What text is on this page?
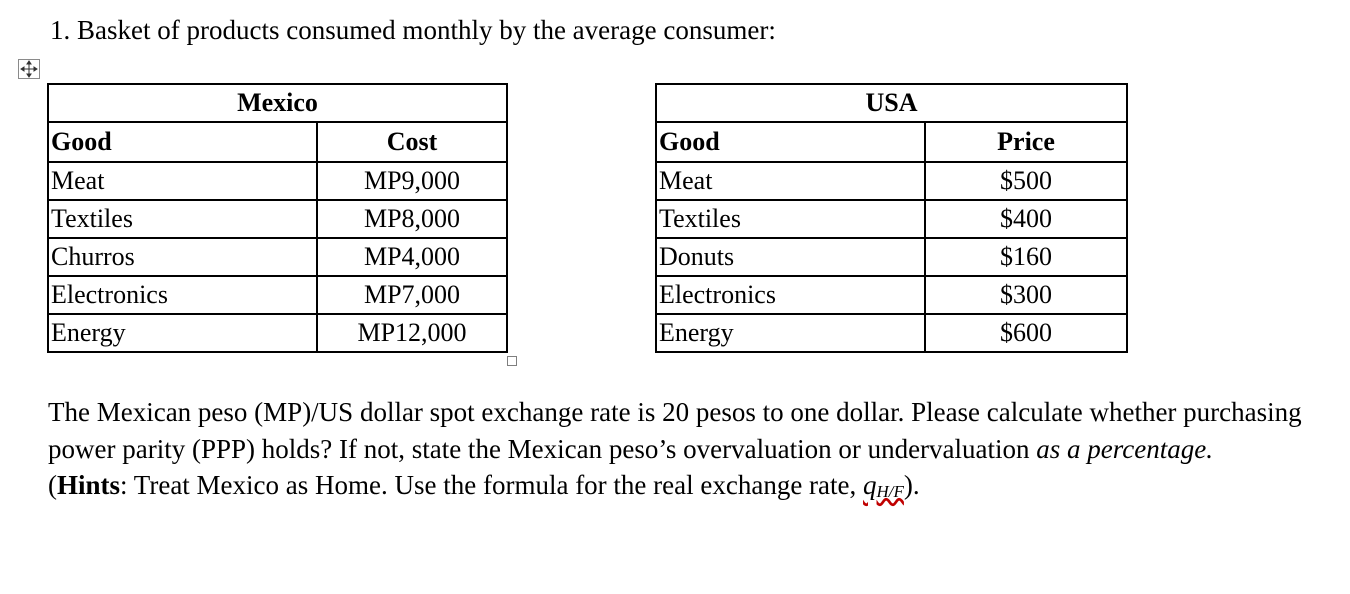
1. Basket of products consumed monthly by the average consumer:
Mexico	
Good	Cost
Meat	MP9,000
Textiles	MP8,000
Churros	MP4,000
Electronics	MP7,000
Energy	MP12,000
USA	
Good	Price
Meat	$500
Textiles	$400
Donuts	$160
Electronics	$300
Energy	$600

The Mexican peso (MP)/US dollar spot exchange rate is 20 pesos to one dollar. Please calculate whether purchasing power parity (PPP) holds? If not, state the Mexican peso’s overvaluation or undervaluation as a percentage.

(Hints: Treat Mexico as Home. Use the formula for the real exchange rate, qH/F).
